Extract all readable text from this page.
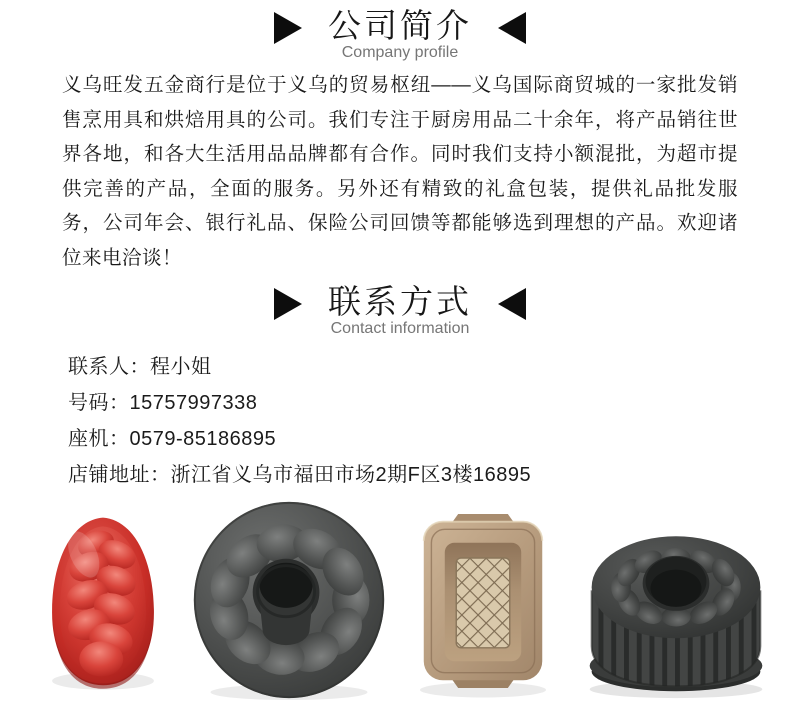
公司简介
Company profile
义乌旺发五金商行是位于义乌的贸易枢纽——义乌国际商贸城的一家批发销售烹用具和烘焙用具的公司。我们专注于厨房用品二十余年，将产品销往世界各地，和各大生活用品品牌都有合作。同时我们支持小额混批，为超市提供完善的产品，全面的服务。另外还有精致的礼盒包装，提供礼品批发服务，公司年会、银行礼品、保险公司回馈等都能够选到理想的产品。欢迎诸位来电洽谈！
联系方式
Contact information
联系人：程小姐
号码：15757997338
座机：0579-85186895
店铺地址：浙江省义乌市福田市场2期F区3楼16895
